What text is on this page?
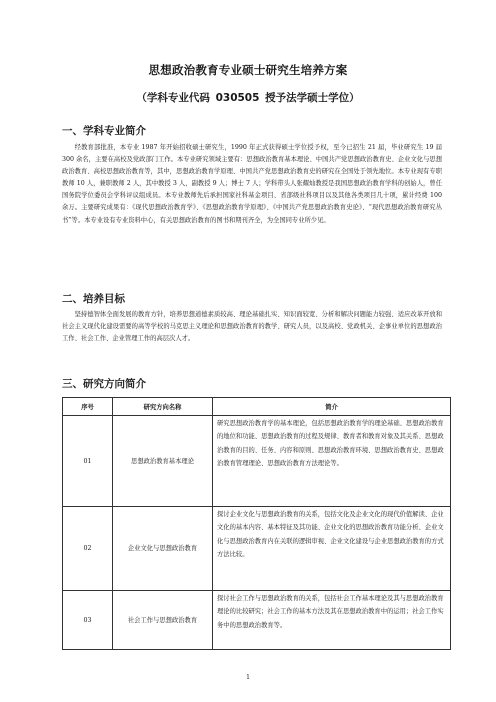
思想政治教育专业硕士研究生培养方案
（学科专业代码 030505 授予法学硕士学位）
一、学科专业简介

经教育部批准，本专业 1987 年开始招收硕士研究生，1990 年正式获得硕士学位授予权，至今已招生 21 届，毕业研究生 19 届 300 余名，主要在高校及党政部门工作。本专业研究领域主要有：思想政治教育基本理论、中国共产党思想政治教育史、企业文化与思想政治教育、高校思想政治教育等，其中，思想政治教育学原理、中国共产党思想政治教育史的研究在全国处于领先地位。本专业现有专职教师 10 人，兼职教师 2 人，其中教授 3 人，副教授 9 人；博士 7 人；学科带头人张耀灿教授是我国思想政治教育学科的创始人，曾任国务院学位委员会学科评议组成员。本专业教师先后承担国家社科基金项目、省部级社科项目以及其他各类项目几十项，累计经费 100 余万。主要研究成果有：《现代思想政治教育学》、《思想政治教育学原理》、《中国共产党思想政治教育史论》、“现代思想政治教育研究丛书”等。本专业设有专业资料中心，有关思想政治教育的图书和期刊齐全，为全国同专业所少见。

二、培养目标

坚持德智体全面发展的教育方针，培养思想道德素质较高、理论基础扎实、知识面较宽、分析和解决问题能力较强、适应改革开放和社会主义现代化建设需要的高等学校的马克思主义理论和思想政治教育的教学、研究人员，以及高校、党政机关、企事业单位的思想政治工作、社会工作、企业管理工作的高层次人才。

三、研究方向简介
序号	研究方向名称	简介
01	思想政治教育基本理论	研究思想政治教育学的基本理论，包括思想政治教育学的理论基础、思想政治教育的地位和功能、思想政治教育的过程及规律、教育者和教育对象及其关系、思想政治教育的目的、任务、内容和原则、思想政治教育环境、思想政治教育史、思想政治教育管理理论、思想政治教育方法理论等。
02	企业文化与思想政治教育	探讨企业文化与思想政治教育的关系，包括文化及企业文化的现代价值解读、企业文化的基本内容、基本特征及其功能、企业文化的思想政治教育功能分析、企业文化与思想政治教育内在关联的逻辑审视、企业文化建设与企业思想政治教育的方式方法比较。
03	社会工作与思想政治教育	探讨社会工作与思想政治教育的关系，包括社会工作基本理论及其与思想政治教育理论的比较研究；社会工作的基本方法及其在思想政治教育中的运用；社会工作实务中的思想政治教育等。
1
